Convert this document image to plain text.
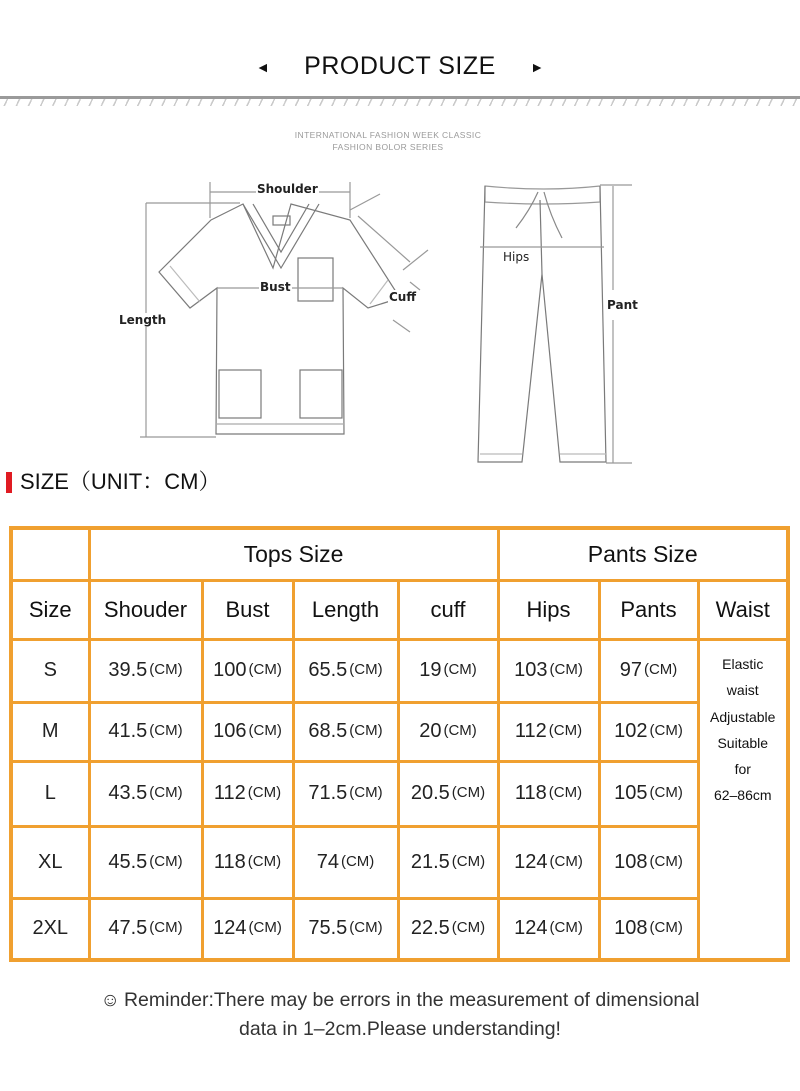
◄ PRODUCT SIZE ►
INTERNATIONAL FASHION WEEK CLASSIC
FASHION BOLOR SERIES
Shoulder
Bust
Length
Cuff
Hips
Pant
SIZE（UNIT：CM）
	Tops Size				Pants Size		
Size	Shouder	Bust	Length	cuff	Hips	Pants	Waist
S	39.5 (CM)	100 (CM)	65.5 (CM)	19 (CM)	103 (CM)	97 (CM)	Elastic
waist
Adjustable
Suitable
for
62–86cm

M	41.5 (CM)	106 (CM)	68.5 (CM)	20 (CM)	112 (CM)	102 (CM)	
L	43.5 (CM)	112 (CM)	71.5 (CM)	20.5 (CM)	118 (CM)	105 (CM)	
XL	45.5 (CM)	118 (CM)	74 (CM)	21.5 (CM)	124 (CM)	108 (CM)	
2XL	47.5 (CM)	124 (CM)	75.5 (CM)	22.5 (CM)	124 (CM)	108 (CM)	
☺ Reminder:There may be errors in the measurement of dimensional
data in 1–2cm.Please understanding!
